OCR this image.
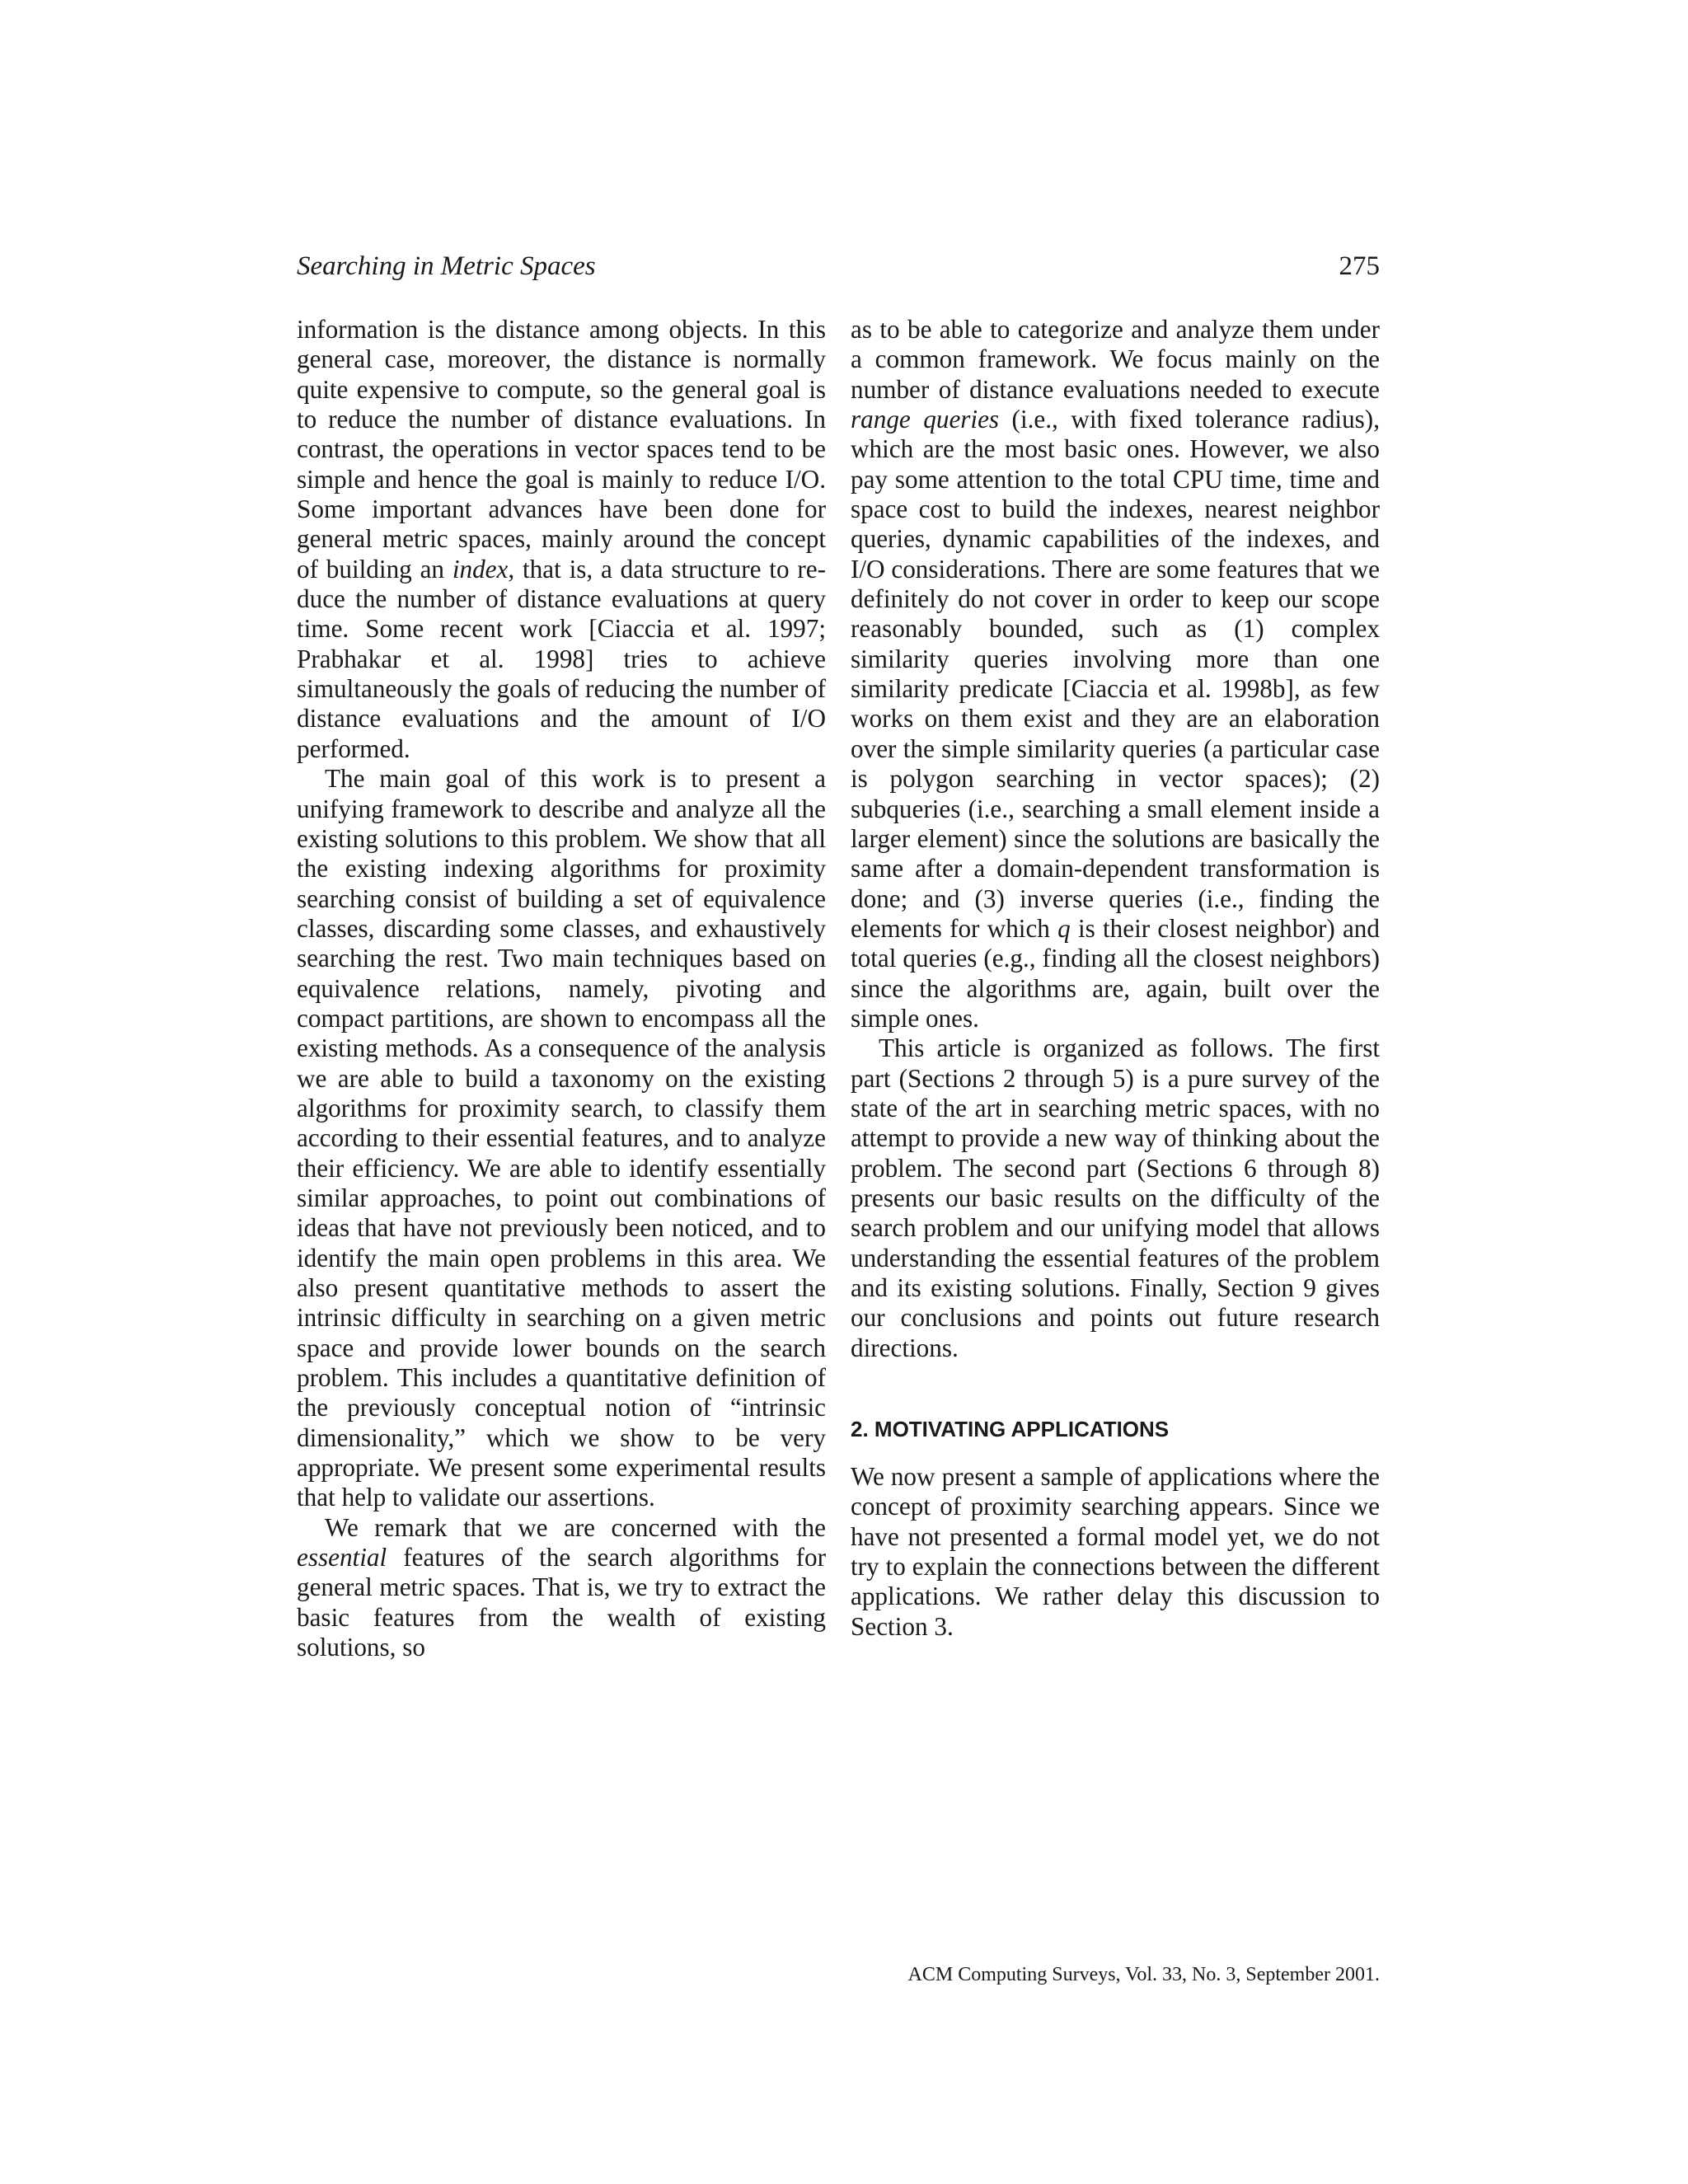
Searching in Metric Spaces	275

information is the distance among objects. In this general case, moreover, the distance is normally quite expensive to compute, so the general goal is to reduce the number of distance evaluations. In contrast, the operations in vector spaces tend to be simple and hence the goal is mainly to reduce I/O. Some important advances have been done for general metric spaces, mainly around the concept of building an index, that is, a data structure to reduce the number of distance evaluations at query time. Some recent work [Ciaccia et al. 1997; Prabhakar et al. 1998] tries to achieve simultaneously the goals of reducing the number of distance evaluations and the amount of I/O performed.

The main goal of this work is to present a unifying framework to describe and analyze all the existing solutions to this problem. We show that all the existing indexing algorithms for proximity searching consist of building a set of equivalence classes, discarding some classes, and exhaustively searching the rest. Two main techniques based on equivalence relations, namely, pivoting and compact partitions, are shown to encompass all the existing methods. As a consequence of the analysis we are able to build a taxonomy on the existing algorithms for proximity search, to classify them according to their essential features, and to analyze their efficiency. We are able to identify essentially similar approaches, to point out combinations of ideas that have not previously been noticed, and to identify the main open problems in this area. We also present quantitative methods to assert the intrinsic difficulty in searching on a given metric space and provide lower bounds on the search problem. This includes a quantitative definition of the previously conceptual notion of “intrinsic dimensionality,” which we show to be very appropriate. We present some experimental results that help to validate our assertions.

We remark that we are concerned with the essential features of the search algorithms for general metric spaces. That is, we try to extract the basic features from the wealth of existing solutions, so

as to be able to categorize and analyze them under a common framework. We focus mainly on the number of distance evaluations needed to execute range queries (i.e., with fixed tolerance radius), which are the most basic ones. However, we also pay some attention to the total CPU time, time and space cost to build the indexes, nearest neighbor queries, dynamic capabilities of the indexes, and I/O considerations. There are some features that we definitely do not cover in order to keep our scope reasonably bounded, such as (1) complex similarity queries involving more than one similarity predicate [Ciaccia et al. 1998b], as few works on them exist and they are an elaboration over the simple similarity queries (a particular case is polygon searching in vector spaces); (2) subqueries (i.e., searching a small element inside a larger element) since the solutions are basically the same after a domain-dependent transformation is done; and (3) inverse queries (i.e., finding the elements for which q is their closest neighbor) and total queries (e.g., finding all the closest neighbors) since the algorithms are, again, built over the simple ones.

This article is organized as follows. The first part (Sections 2 through 5) is a pure survey of the state of the art in searching metric spaces, with no attempt to provide a new way of thinking about the problem. The second part (Sections 6 through 8) presents our basic results on the difficulty of the search problem and our unifying model that allows understanding the essential features of the problem and its existing solutions. Finally, Section 9 gives our conclusions and points out future research directions.

2. MOTIVATING APPLICATIONS

We now present a sample of applications where the concept of proximity searching appears. Since we have not presented a formal model yet, we do not try to explain the connections between the different applications. We rather delay this discussion to Section 3.

ACM Computing Surveys, Vol. 33, No. 3, September 2001.
